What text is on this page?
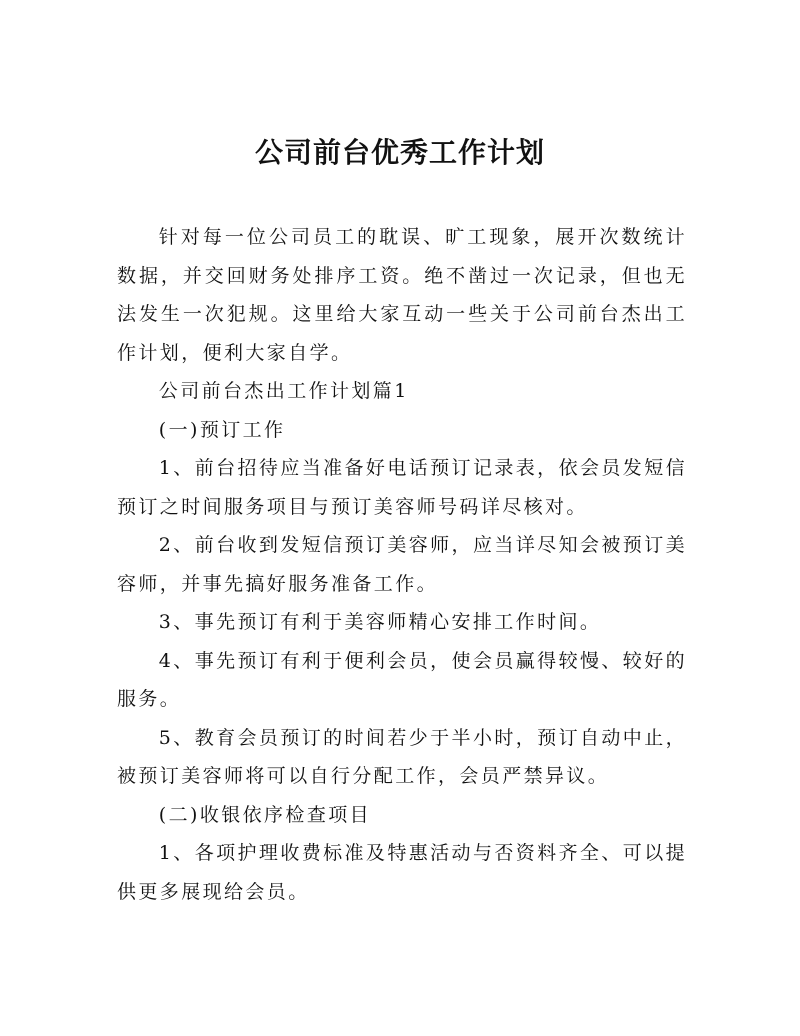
公司前台优秀工作计划

针对每一位公司员工的耽误、旷工现象，展开次数统计数据，并交回财务处排序工资。绝不凿过一次记录，但也无法发生一次犯规。这里给大家互动一些关于公司前台杰出工作计划，便利大家自学。

公司前台杰出工作计划篇1

(一)预订工作

1、前台招待应当准备好电话预订记录表，依会员发短信预订之时间服务项目与预订美容师号码详尽核对。

2、前台收到发短信预订美容师，应当详尽知会被预订美容师，并事先搞好服务准备工作。

3、事先预订有利于美容师精心安排工作时间。

4、事先预订有利于便利会员，使会员赢得较慢、较好的服务。

5、教育会员预订的时间若少于半小时，预订自动中止，被预订美容师将可以自行分配工作，会员严禁异议。

(二)收银依序检查项目

1、各项护理收费标准及特惠活动与否资料齐全、可以提供更多展现给会员。
